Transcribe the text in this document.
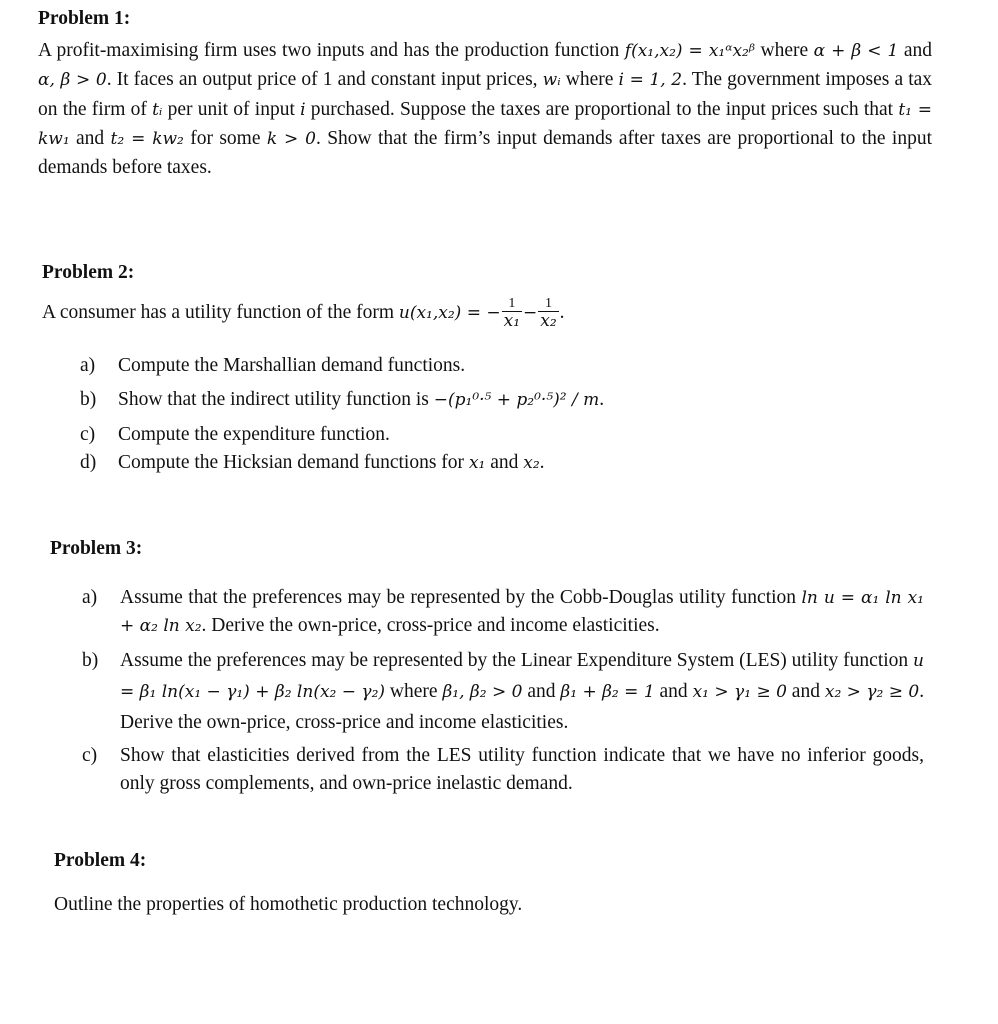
Problem 1:
A profit-maximising firm uses two inputs and has the production function f(x₁,x₂) = x₁ᵅx₂ᵝ where α + β < 1 and α, β > 0. It faces an output price of 1 and constant input prices, wᵢ where i = 1, 2. The government imposes a tax on the firm of tᵢ per unit of input i purchased. Suppose the taxes are proportional to the input prices such that t₁ = kw₁ and t₂ = kw₂ for some k > 0. Show that the firm’s input demands after taxes are proportional to the input demands before taxes.
Problem 2:
A consumer has a utility function of the form u(x₁,x₂) = − $\frac{1}{\text{x₁}} - \frac{1}{\text{x₂}}$ .
a)	Compute the Marshallian demand functions.
b)	Show that the indirect utility function is −(p₁⁰·⁵ + p₂⁰·⁵)² / m.
c)	Compute the expenditure function.
d)	Compute the Hicksian demand functions for x₁ and x₂.
Problem 3:
a)	Assume that the preferences may be represented by the Cobb-Douglas utility function ln u = α₁ ln x₁ + α₂ ln x₂. Derive the own-price, cross-price and income elasticities.
b)	Assume the preferences may be represented by the Linear Expenditure System (LES) utility function u = β₁ ln(x₁ − γ₁) + β₂ ln(x₂ − γ₂) where β₁, β₂ > 0 and β₁ + β₂ = 1 and x₁ > γ₁ ≥ 0 and x₂ > γ₂ ≥ 0. Derive the own-price, cross-price and income elasticities.
c)	Show that elasticities derived from the LES utility function indicate that we have no inferior goods, only gross complements, and own-price inelastic demand.
Problem 4:
Outline the properties of homothetic production technology.
